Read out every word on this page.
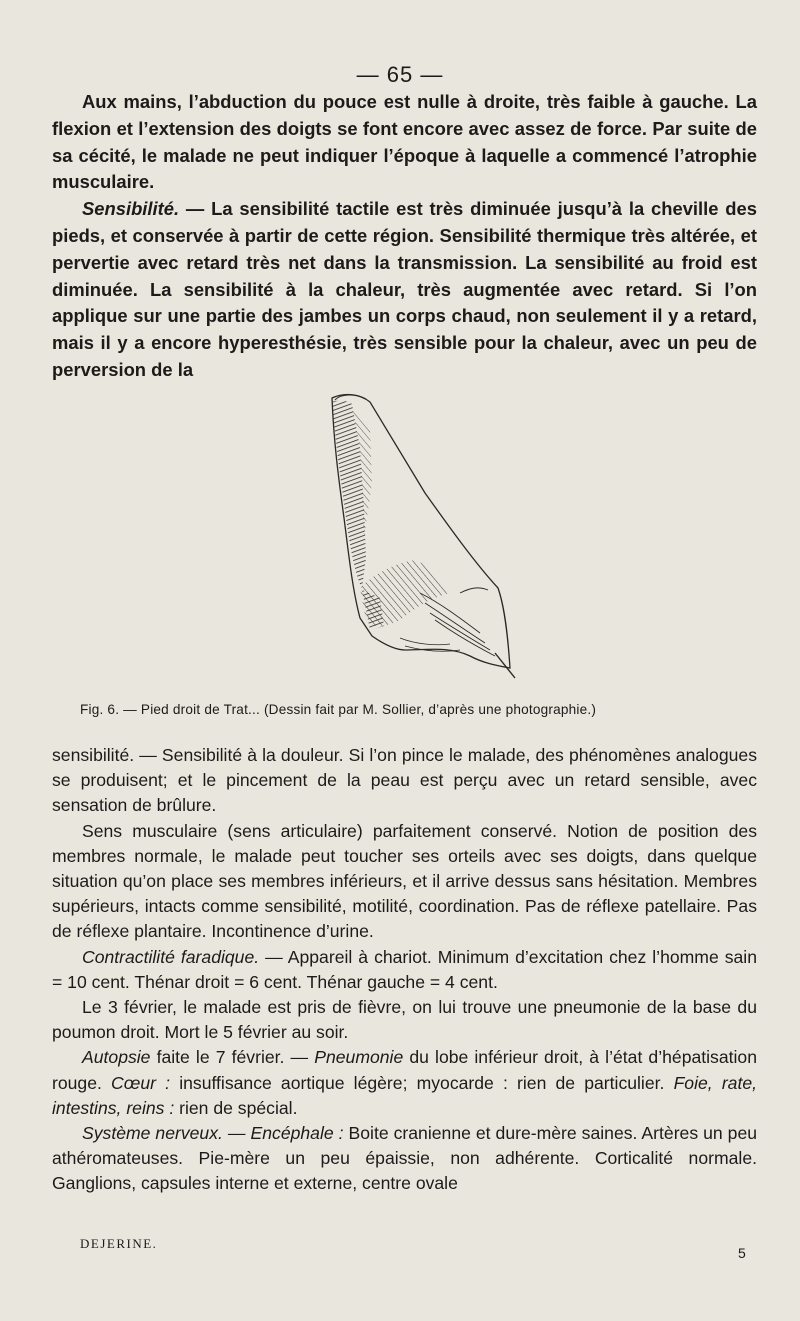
— 65 —

Aux mains, l’abduction du pouce est nulle à droite, très faible à gauche. La flexion et l’extension des doigts se font encore avec assez de force. Par suite de sa cécité, le malade ne peut indiquer l’époque à laquelle a commencé l’atrophie musculaire.

Sensibilité. — La sensibilité tactile est très diminuée jusqu’à la cheville des pieds, et conservée à partir de cette région. Sensibilité thermique très altérée, et pervertie avec retard très net dans la transmission. La sensibilité au froid est diminuée. La sensibilité à la chaleur, très augmentée avec retard. Si l’on applique sur une partie des jambes un corps chaud, non seulement il y a retard, mais il y a encore hyperesthésie, très sensible pour la chaleur, avec un peu de perversion de la

Fig. 6. — Pied droit de Trat... (Dessin fait par M. Sollier, d’après une photographie.)

sensibilité. — Sensibilité à la douleur. Si l’on pince le malade, des phénomènes analogues se produisent; et le pincement de la peau est perçu avec un retard sensible, avec sensation de brûlure.

Sens musculaire (sens articulaire) parfaitement conservé. Notion de position des membres normale, le malade peut toucher ses orteils avec ses doigts, dans quelque situation qu’on place ses membres inférieurs, et il arrive dessus sans hésitation. Membres supérieurs, intacts comme sensibilité, motilité, coordination. Pas de réflexe patellaire. Pas de réflexe plantaire. Incontinence d’urine.

Contractilité faradique. — Appareil à chariot. Minimum d’excitation chez l’homme sain = 10 cent. Thénar droit = 6 cent. Thénar gauche = 4 cent.

Le 3 février, le malade est pris de fièvre, on lui trouve une pneumonie de la base du poumon droit. Mort le 5 février au soir.

Autopsie faite le 7 février. — Pneumonie du lobe inférieur droit, à l’état d’hépatisation rouge. Cœur : insuffisance aortique légère; myocarde : rien de particulier. Foie, rate, intestins, reins : rien de spécial.

Système nerveux. — Encéphale : Boite cranienne et dure-mère saines. Artères un peu athéromateuses. Pie-mère un peu épaissie, non adhérente. Corticalité normale. Ganglions, capsules interne et externe, centre ovale

DEJERINE.
5
